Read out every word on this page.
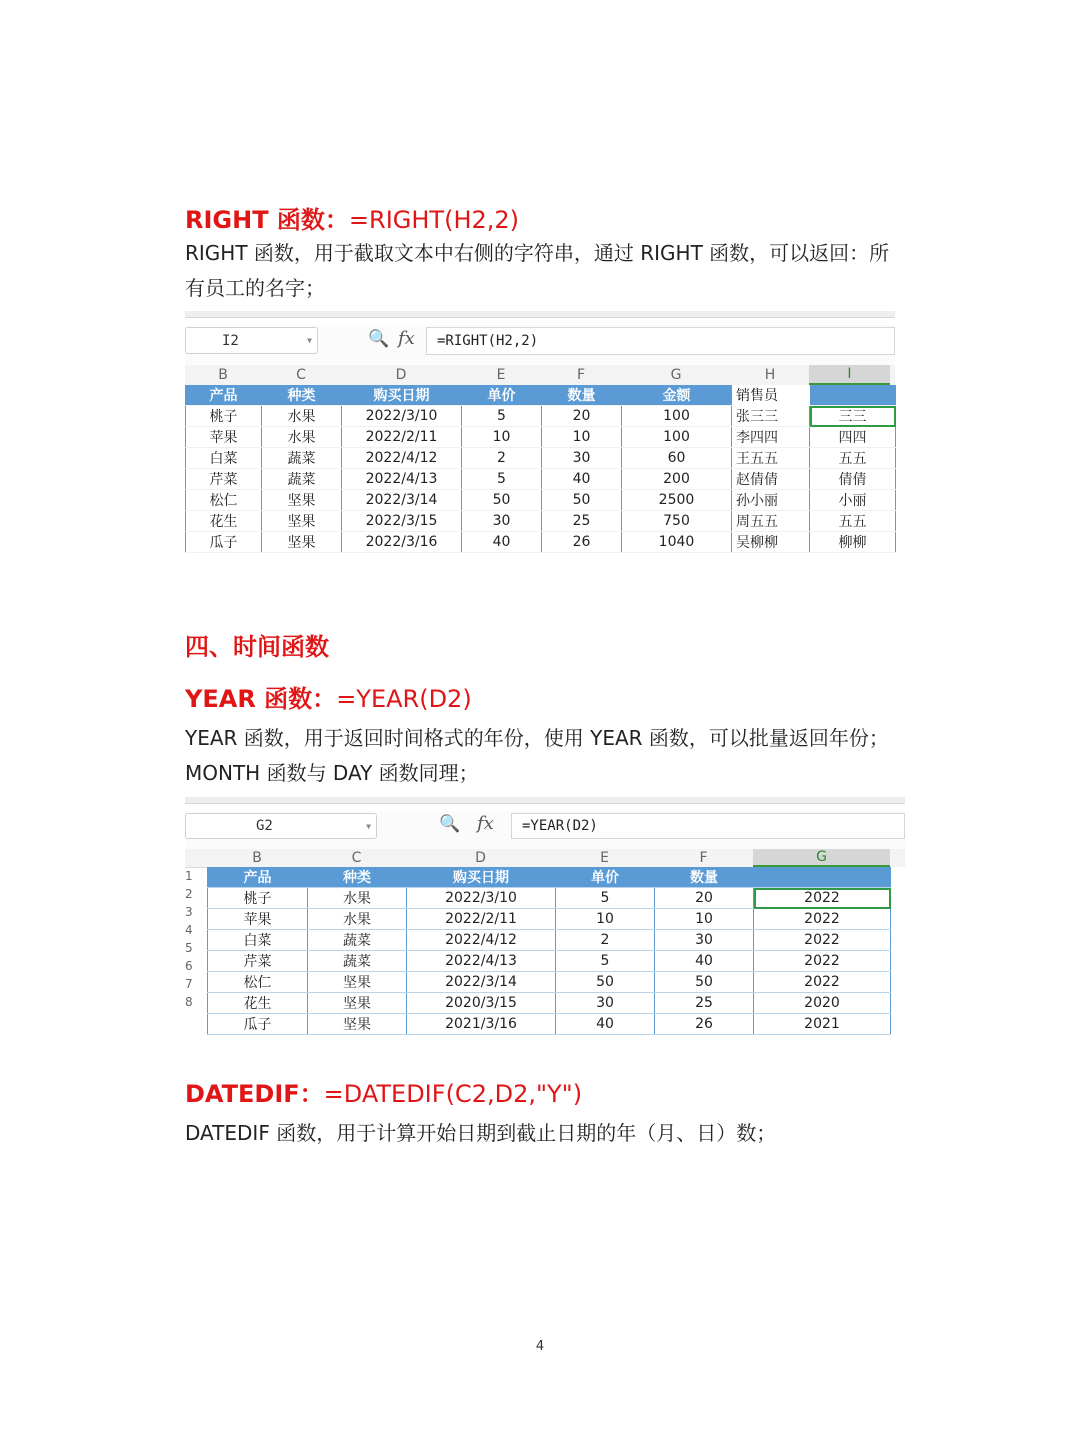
RIGHT 函数：=RIGHT(H2,2)
RIGHT 函数，用于截取文本中右侧的字符串，通过 RIGHT 函数，可以返回：所有员工的名字；
I2	▼	🔍 fx	=RIGHT(H2,2)
B	C	D	E	F	G	H	I
产品	种类	购买日期	单价	数量	金额	销售员	
桃子	水果	2022/3/10	5	20	100	张三三	三三
苹果	水果	2022/2/11	10	10	100	李四四	四四
白菜	蔬菜	2022/4/12	2	30	60	王五五	五五
芹菜	蔬菜	2022/4/13	5	40	200	赵倩倩	倩倩
松仁	坚果	2022/3/14	50	50	2500	孙小丽	小丽
花生	坚果	2022/3/15	30	25	750	周五五	五五
瓜子	坚果	2022/3/16	40	26	1040	吴柳柳	柳柳
四、时间函数
YEAR 函数：=YEAR(D2)
YEAR 函数，用于返回时间格式的年份，使用 YEAR 函数，可以批量返回年份；MONTH 函数与 DAY 函数同理；
G2	▼	🔍 fx	=YEAR(D2)
B	C	D	E	F	G
1
2
3
4
5
6
7
8
产品	种类	购买日期	单价	数量		
桃子	水果	2022/3/10	5	20	2022	
苹果	水果	2022/2/11	10	10	2022	
白菜	蔬菜	2022/4/12	2	30	2022	
芹菜	蔬菜	2022/4/13	5	40	2022	
松仁	坚果	2022/3/14	50	50	2022	
花生	坚果	2020/3/15	30	25	2020	
瓜子	坚果	2021/3/16	40	26	2021	
DATEDIF：=DATEDIF(C2,D2,"Y")
DATEDIF 函数，用于计算开始日期到截止日期的年（月、日）数；
4
